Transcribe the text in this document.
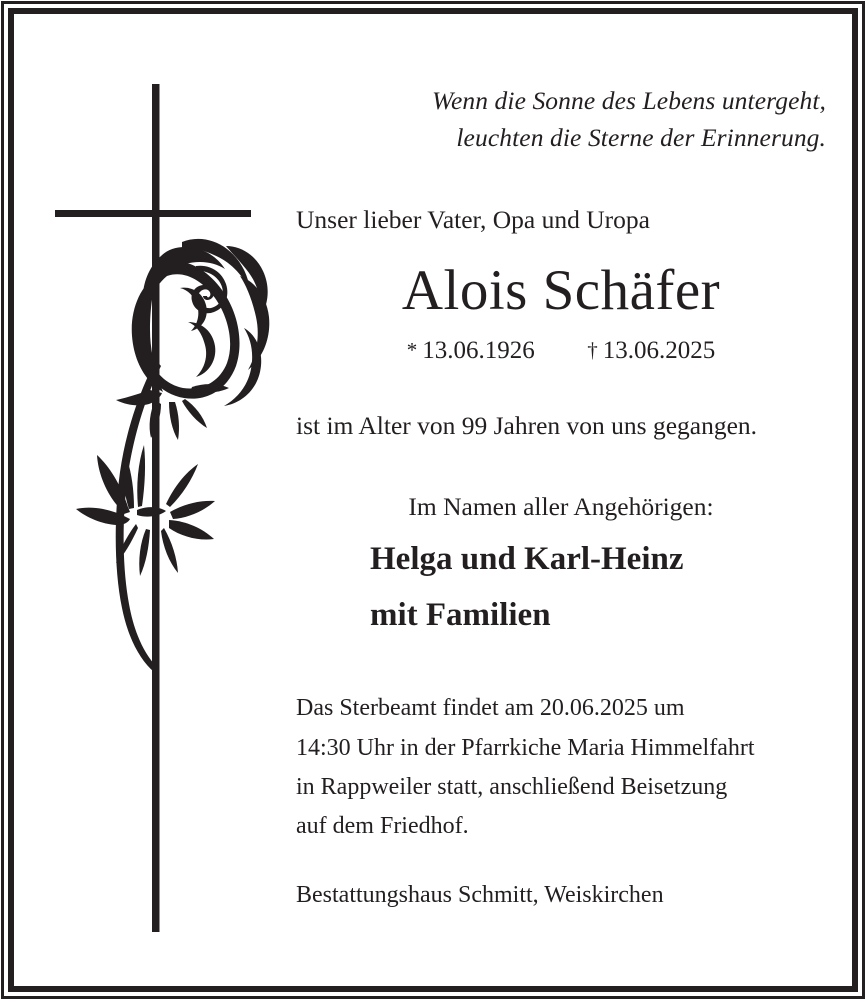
Wenn die Sonne des Lebens untergeht,
leuchten die Sterne der Erinnerung.
Unser lieber Vater, Opa und Uropa
Alois Schäfer
* 13.06.1926	† 13.06.2025
ist im Alter von 99 Jahren von uns gegangen.
Im Namen aller Angehörigen:
Helga und Karl-Heinz
mit Familien
Das Sterbeamt findet am 20.06.2025 um
14:30 Uhr in der Pfarrkiche Maria Himmelfahrt
in Rappweiler statt, anschließend Beisetzung
auf dem Friedhof.
Bestattungshaus Schmitt, Weiskirchen
